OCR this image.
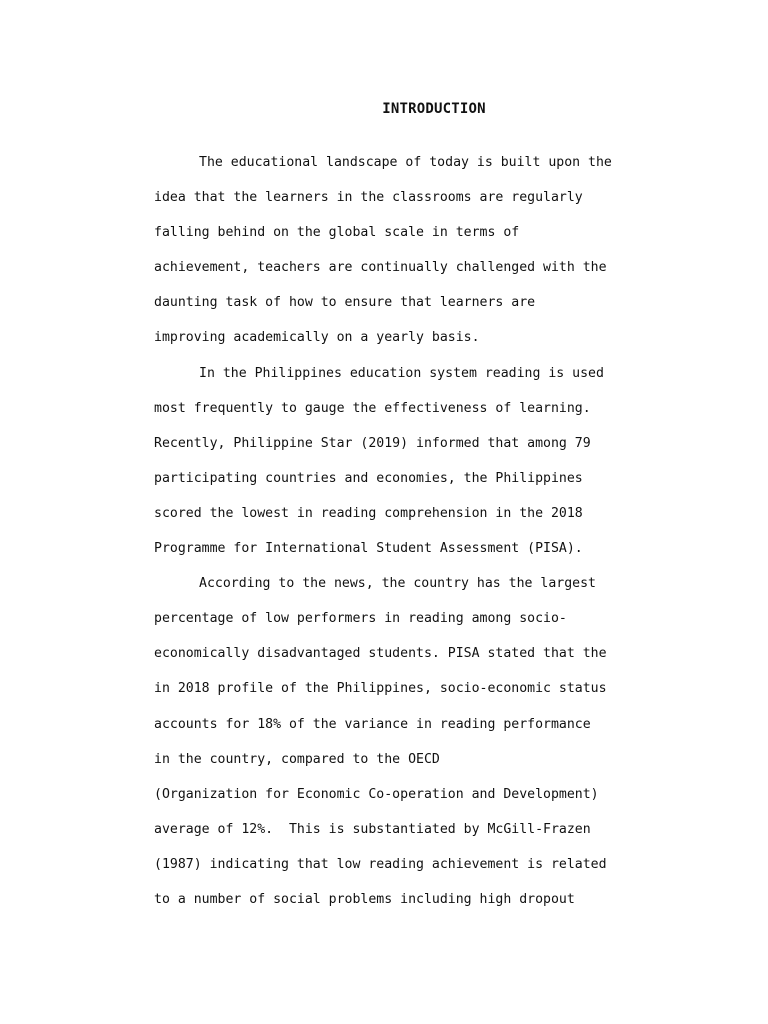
INTRODUCTION
The educational landscape of today is built upon the
idea that the learners in the classrooms are regularly
falling behind on the global scale in terms of
achievement, teachers are continually challenged with the
daunting task of how to ensure that learners are
improving academically on a yearly basis.
In the Philippines education system reading is used
most frequently to gauge the effectiveness of learning.
Recently, Philippine Star (2019) informed that among 79
participating countries and economies, the Philippines
scored the lowest in reading comprehension in the 2018
Programme for International Student Assessment (PISA).
According to the news, the country has the largest
percentage of low performers in reading among socio-
economically disadvantaged students. PISA stated that the
in 2018 profile of the Philippines, socio-economic status
accounts for 18% of the variance in reading performance
in the country, compared to the OECD
(Organization for Economic Co-operation and Development)
average of 12%.  This is substantiated by McGill-Frazen
(1987) indicating that low reading achievement is related
to a number of social problems including high dropout
